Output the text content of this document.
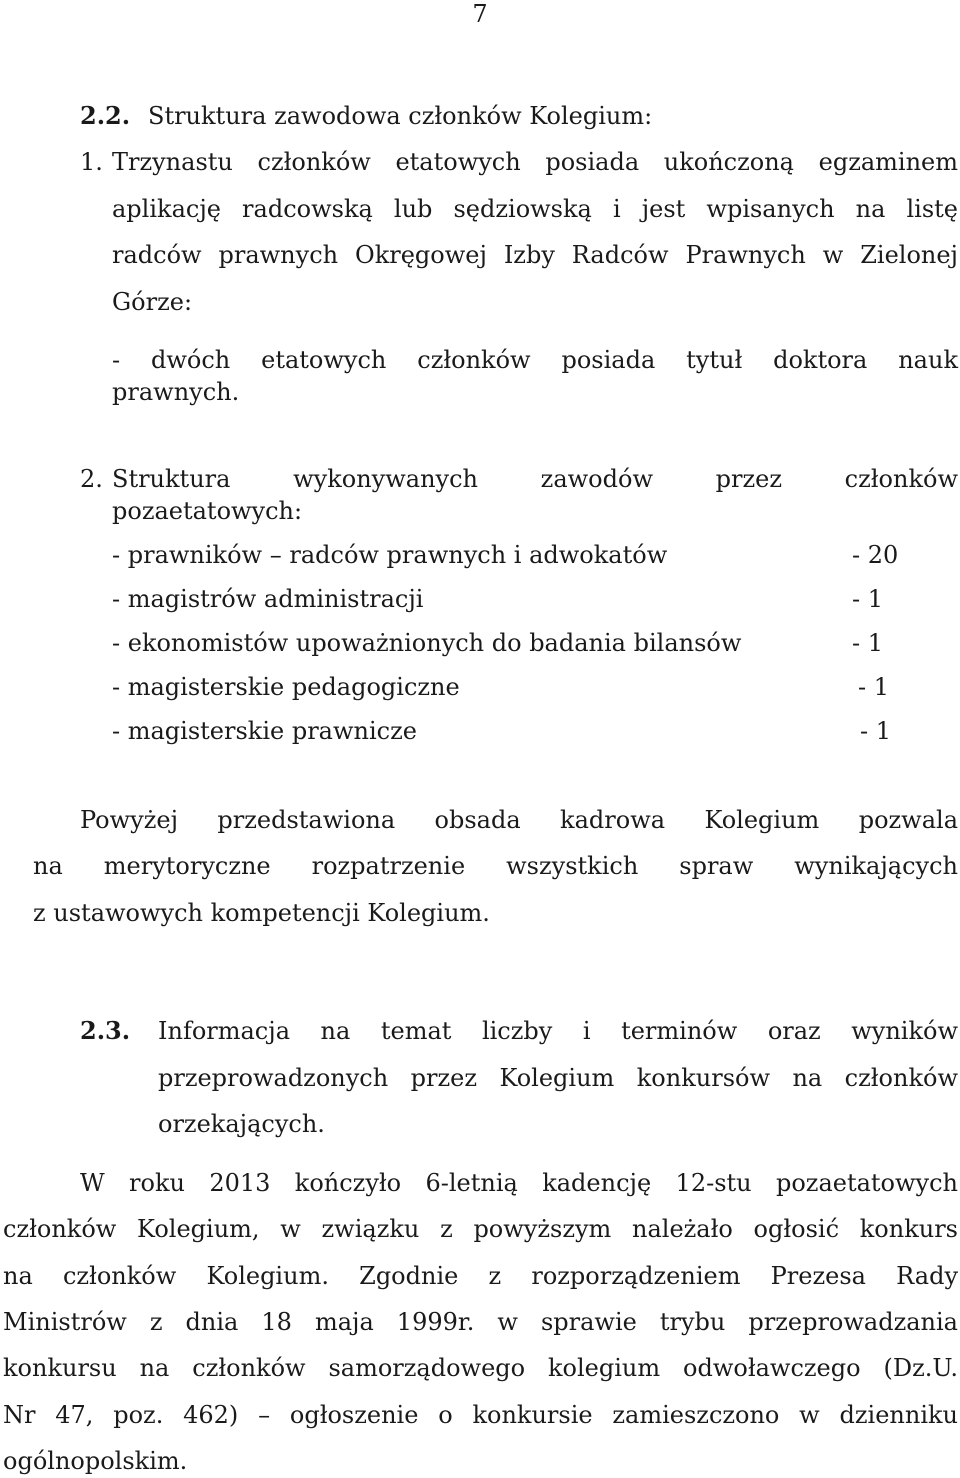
7
2.2. Struktura zawodowa członków Kolegium:
1. Trzynastu członków etatowych posiada ukończoną egzaminem
aplikację radcowską lub sędziowską i jest wpisanych na listę
radców prawnych Okręgowej Izby Radców Prawnych w Zielonej
Górze:
- dwóch etatowych członków posiada tytuł doktora nauk
prawnych.
2. Struktura wykonywanych zawodów przez członków
pozaetatowych:
- prawników – radców prawnych i adwokatów	- 20
- magistrów administracji	- 1
- ekonomistów upoważnionych do badania bilansów	- 1
- magisterskie pedagogiczne	- 1
- magisterskie prawnicze	- 1
Powyżej przedstawiona obsada kadrowa Kolegium pozwala
na merytoryczne rozpatrzenie wszystkich spraw wynikających
z ustawowych kompetencji Kolegium.
2.3. Informacja na temat liczby i terminów oraz wyników
przeprowadzonych przez Kolegium konkursów na członków
orzekających.
W roku 2013 kończyło 6-letnią kadencję 12-stu pozaetatowych
członków Kolegium, w związku z powyższym należało ogłosić konkurs
na członków Kolegium. Zgodnie z rozporządzeniem Prezesa Rady
Ministrów z dnia 18 maja 1999r. w sprawie trybu przeprowadzania
konkursu na członków samorządowego kolegium odwoławczego (Dz.U.
Nr 47, poz. 462) – ogłoszenie o konkursie zamieszczono w dzienniku
ogólnopolskim.
